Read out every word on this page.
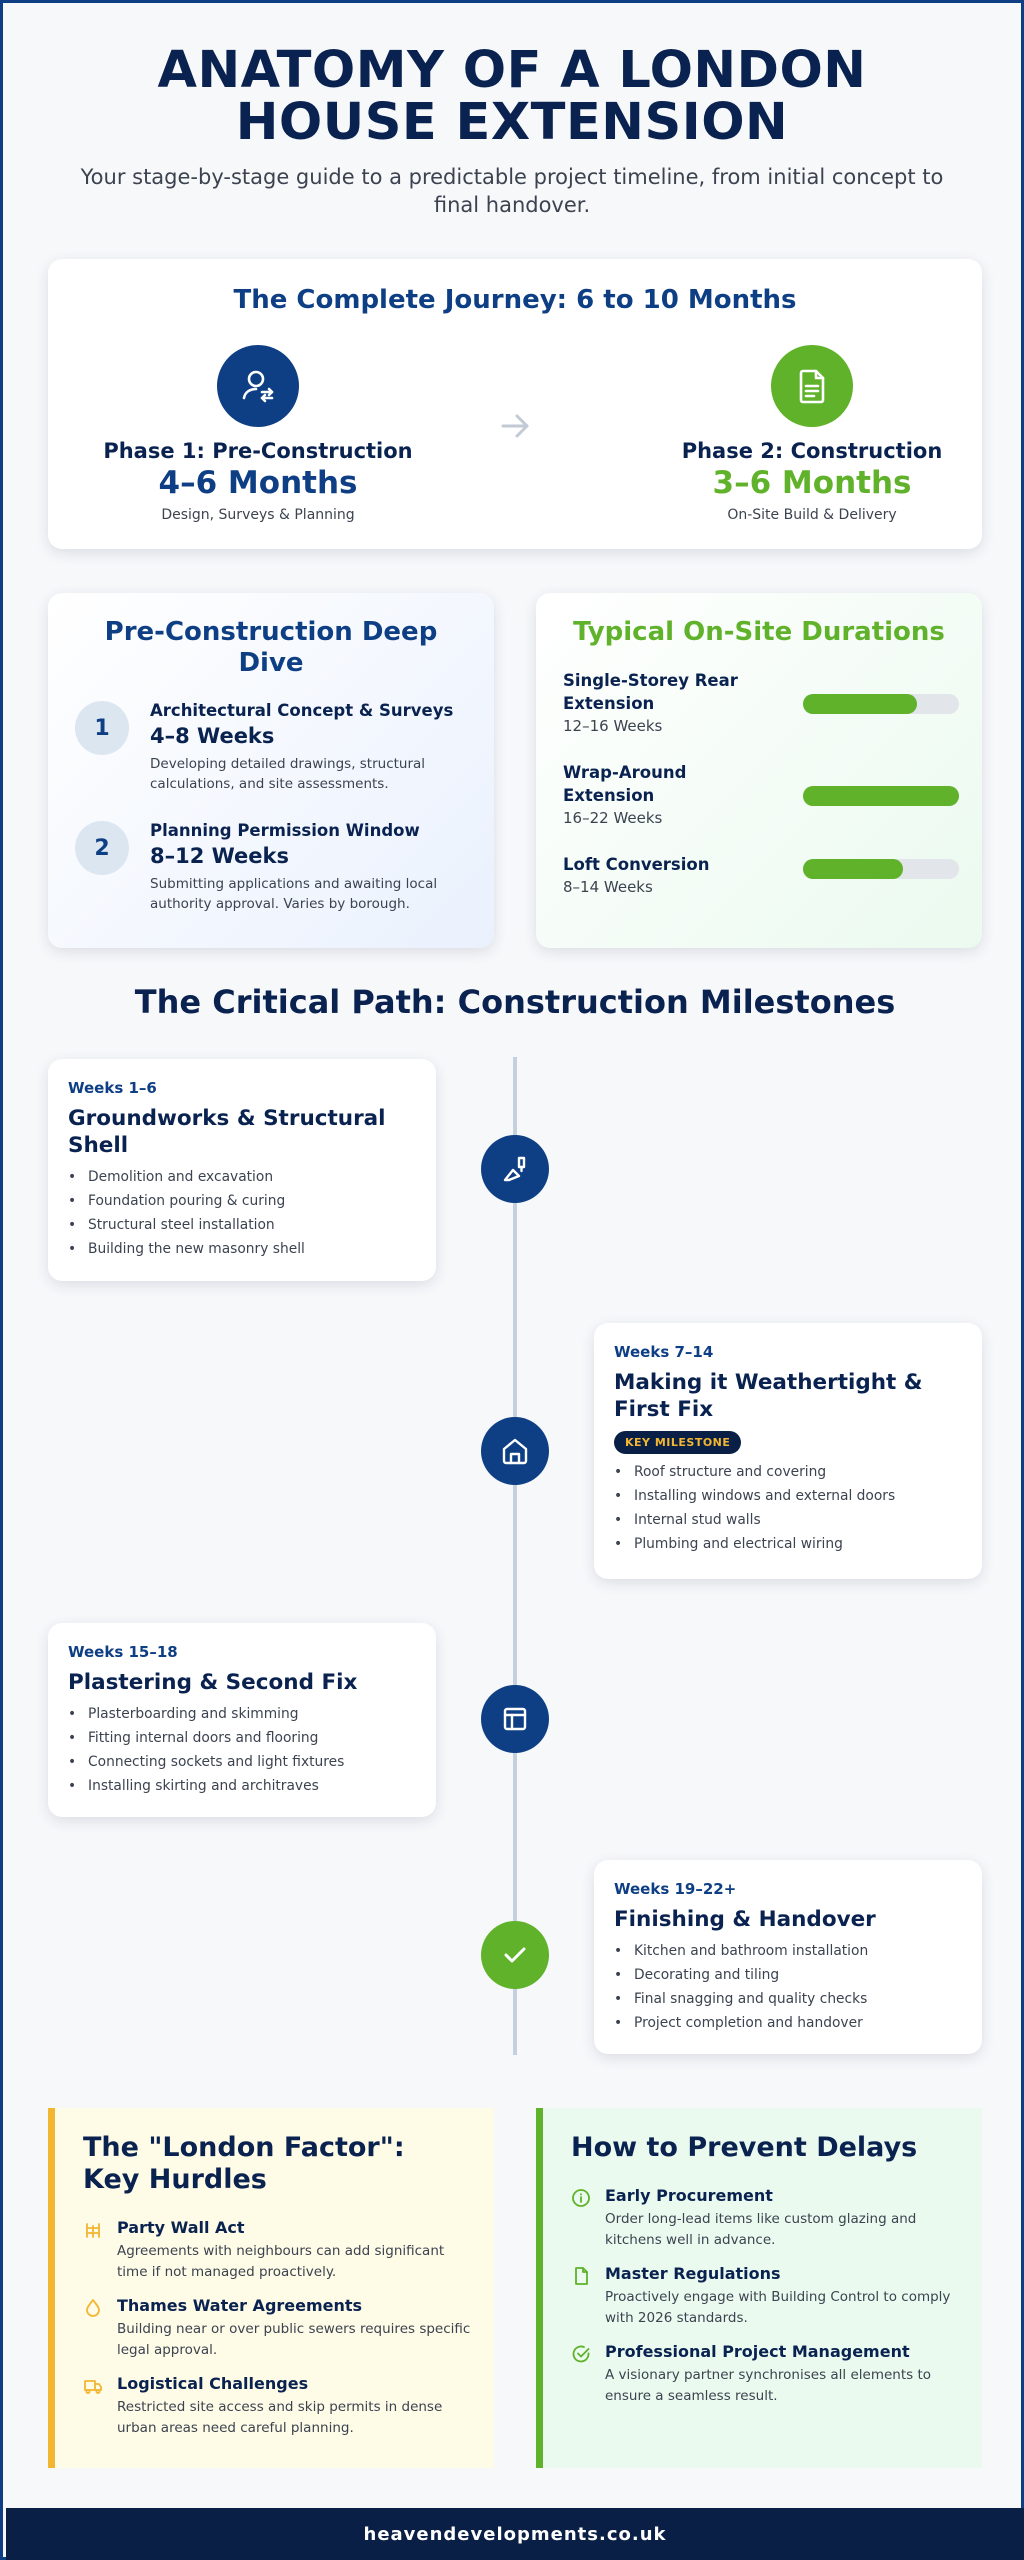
ANATOMY OF A LONDON HOUSE EXTENSION

Your stage-by-stage guide to a predictable project timeline, from initial concept to final handover.

The Complete Journey: 6 to 10 Months
Phase 1: Pre-Construction
4–6 Months
Design, Surveys & Planning
Phase 2: Construction
3–6 Months
On-Site Build & Delivery
Pre-Construction Deep Dive
1
Architectural Concept & Surveys
4–8 Weeks
Developing detailed drawings, structural calculations, and site assessments.
2
Planning Permission Window
8–12 Weeks
Submitting applications and awaiting local authority approval. Varies by borough.
Typical On-Site Durations
Single-Storey Rear Extension
12–16 Weeks
Wrap-Around Extension
16–22 Weeks
Loft Conversion
8–14 Weeks
The Critical Path: Construction Milestones
Weeks 1–6
Groundworks & Structural Shell
• Demolition and excavation
• Foundation pouring & curing
• Structural steel installation
• Building the new masonry shell
Weeks 7–14
Making it Weathertight & First Fix
KEY MILESTONE
• Roof structure and covering
• Installing windows and external doors
• Internal stud walls
• Plumbing and electrical wiring
Weeks 15–18
Plastering & Second Fix
• Plasterboarding and skimming
• Fitting internal doors and flooring
• Connecting sockets and light fixtures
• Installing skirting and architraves
Weeks 19–22+
Finishing & Handover
• Kitchen and bathroom installation
• Decorating and tiling
• Final snagging and quality checks
• Project completion and handover
The "London Factor": Key Hurdles
Party Wall Act
Agreements with neighbours can add significant time if not managed proactively.
Thames Water Agreements
Building near or over public sewers requires specific legal approval.
Logistical Challenges
Restricted site access and skip permits in dense urban areas need careful planning.
How to Prevent Delays
Early Procurement
Order long-lead items like custom glazing and kitchens well in advance.
Master Regulations
Proactively engage with Building Control to comply with 2026 standards.
Professional Project Management
A visionary partner synchronises all elements to ensure a seamless result.
heavendevelopments.co.uk
